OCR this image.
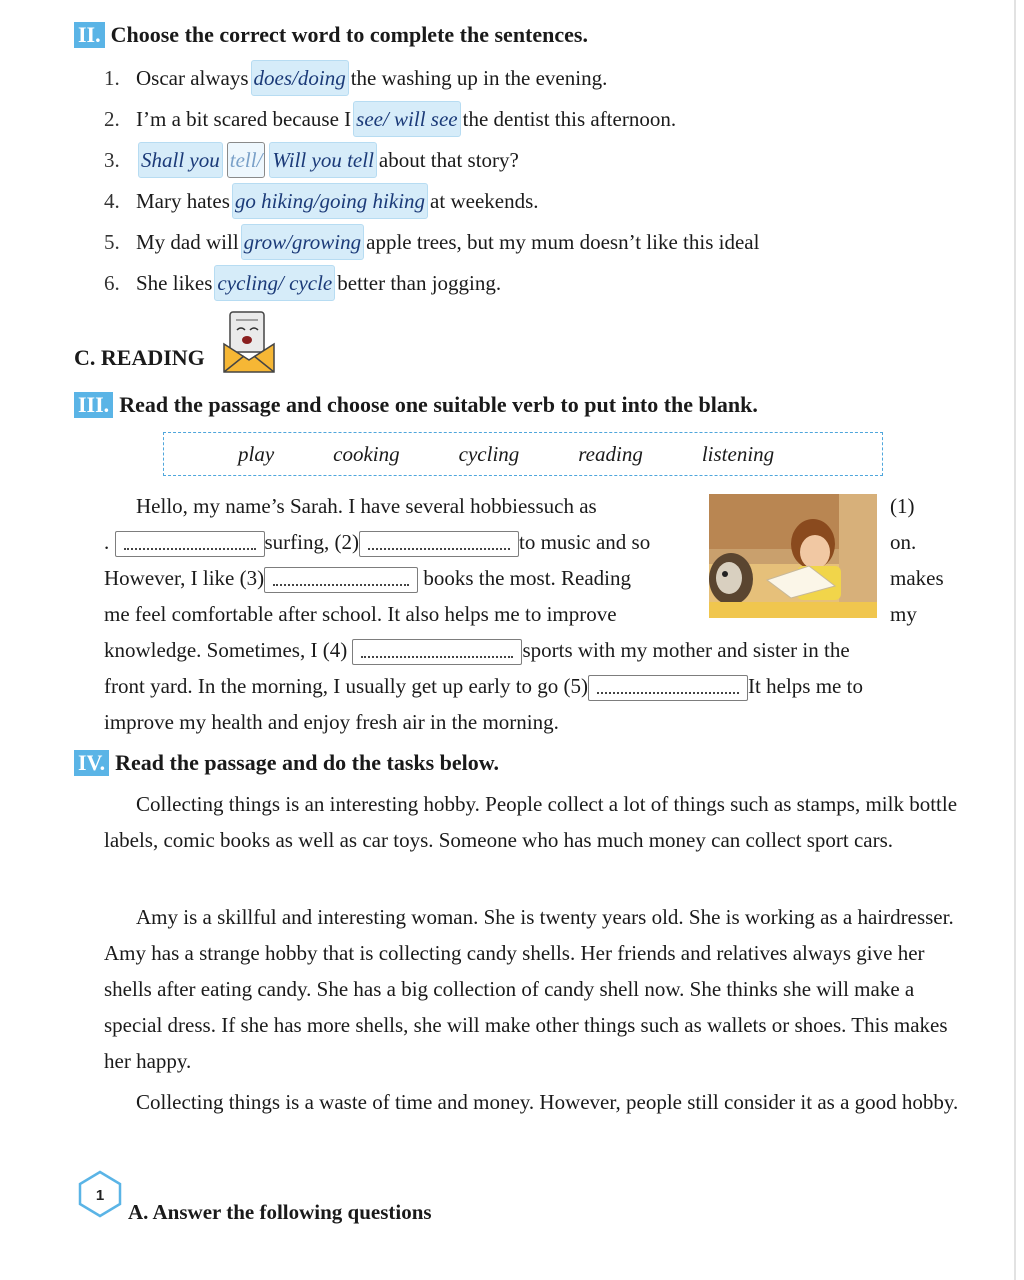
II. Choose the correct word to complete the sentences.
1. Oscar always does/doing the washing up in the evening.
2. I’m a bit scared because I see/ will see the dentist this afternoon.
3.	Shall you tell/ Will you tell about that story?
4. Mary hates go hiking/going hiking at weekends.
5. My dad will grow/growing apple trees, but my mum doesn’t like this ideal
6. She likes cycling/ cycle better than jogging.
C. READING
III. Read the passage and choose one suitable verb to put into the blank.
play	cooking	cycling	reading	listening
Hello, my name’s Sarah. I have several hobbiessuch as	(1)
.	surfing, (2)	to music and so	on.
However, I like (3)	books the most. Reading	makes
me feel comfortable after school. It also helps me to improve	my
knowledge. Sometimes, I (4)	sports with my mother and sister in the
front yard. In the morning, I usually get up early to go (5)	It helps me to
improve my health and enjoy fresh air in the morning.
IV. Read the passage and do the tasks below.
Collecting things is an interesting hobby. People collect a lot of things such as stamps, milk bottle labels, comic books as well as car toys. Someone who has much money can collect sport cars.
Amy is a skillful and interesting woman. She is twenty years old. She is working as a hairdresser. Amy has a strange hobby that is collecting candy shells. Her friends and relatives always give her shells after eating candy. She has a big collection of candy shell now. She thinks she will make a special dress. If she has more shells, she will make other things such as wallets or shoes. This makes her happy.
Collecting things is a waste of time and money. However, people still consider it as a good hobby.
1
A. Answer the following questions
